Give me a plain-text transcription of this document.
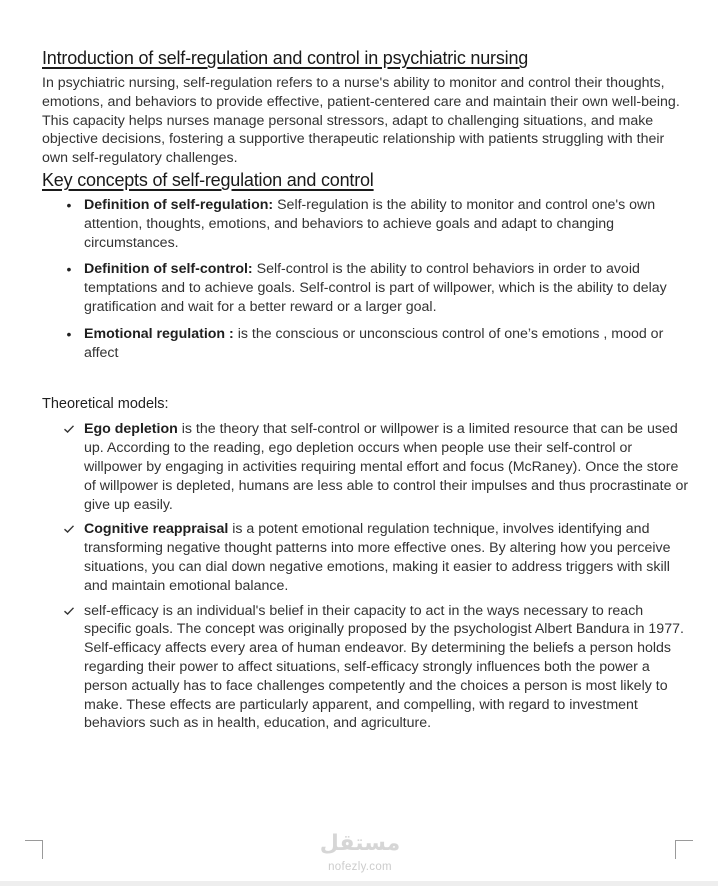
Introduction of self-regulation and control in psychiatric nursing

In psychiatric nursing, self-regulation refers to a nurse's ability to monitor and control their thoughts, emotions, and behaviors to provide effective, patient-centered care and maintain their own well-being. This capacity helps nurses manage personal stressors, adapt to challenging situations, and make objective decisions, fostering a supportive therapeutic relationship with patients struggling with their own self-regulatory challenges.

Key concepts of self-regulation and control
• Definition of self-regulation: Self-regulation is the ability to monitor and control one's own attention, thoughts, emotions, and behaviors to achieve goals and adapt to changing circumstances.
• Definition of self-control: Self-control is the ability to control behaviors in order to avoid temptations and to achieve goals. Self-control is part of willpower, which is the ability to delay gratification and wait for a better reward or a larger goal.
• Emotional regulation : is the conscious or unconscious control of one’s emotions , mood or affect
Theoretical models:
Ego depletion is the theory that self-control or willpower is a limited resource that can be used up. According to the reading, ego depletion occurs when people use their self-control or willpower by engaging in activities requiring mental effort and focus (McRaney). Once the store of willpower is depleted, humans are less able to control their impulses and thus procrastinate or give up easily.
Cognitive reappraisal is a potent emotional regulation technique, involves identifying and transforming negative thought patterns into more effective ones. By altering how you perceive situations, you can dial down negative emotions, making it easier to address triggers with skill and maintain emotional balance.
self-efficacy is an individual's belief in their capacity to act in the ways necessary to reach specific goals. The concept was originally proposed by the psychologist Albert Bandura in 1977. Self-efficacy affects every area of human endeavor. By determining the beliefs a person holds regarding their power to affect situations, self-efficacy strongly influences both the power a person actually has to face challenges competently and the choices a person is most likely to make. These effects are particularly apparent, and compelling, with regard to investment behaviors such as in health, education, and agriculture.
مستقل
nofezly.com
